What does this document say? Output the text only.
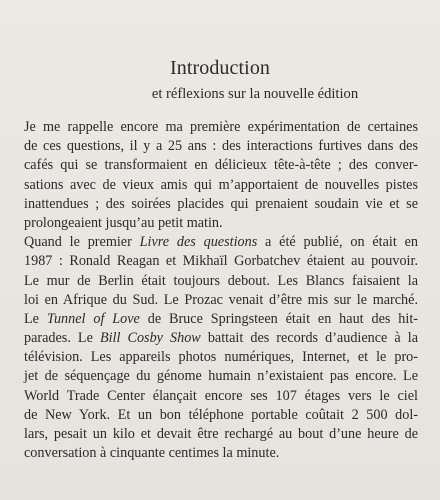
Introduction
et réflexions sur la nouvelle édition

Je me rappelle encore ma première expérimentation de certaines
de ces questions, il y a 25 ans : des interactions furtives dans des
cafés qui se transformaient en délicieux tête-à-tête ; des conver-
sations avec de vieux amis qui m’apportaient de nouvelles pistes
inattendues ; des soirées placides qui prenaient soudain vie et se
prolongeaient jusqu’au petit matin.

Quand le premier Livre des questions a été publié, on était en
1987 : Ronald Reagan et Mikhaïl Gorbatchev étaient au pouvoir.
Le mur de Berlin était toujours debout. Les Blancs faisaient la
loi en Afrique du Sud. Le Prozac venait d’être mis sur le marché.
Le Tunnel of Love de Bruce Springsteen était en haut des hit-
parades. Le Bill Cosby Show battait des records d’audience à la
télévision. Les appareils photos numériques, Internet, et le pro-
jet de séquençage du génome humain n’existaient pas encore. Le
World Trade Center élançait encore ses 107 étages vers le ciel
de New York. Et un bon téléphone portable coûtait 2 500 dol-
lars, pesait un kilo et devait être rechargé au bout d’une heure de
conversation à cinquante centimes la minute.
